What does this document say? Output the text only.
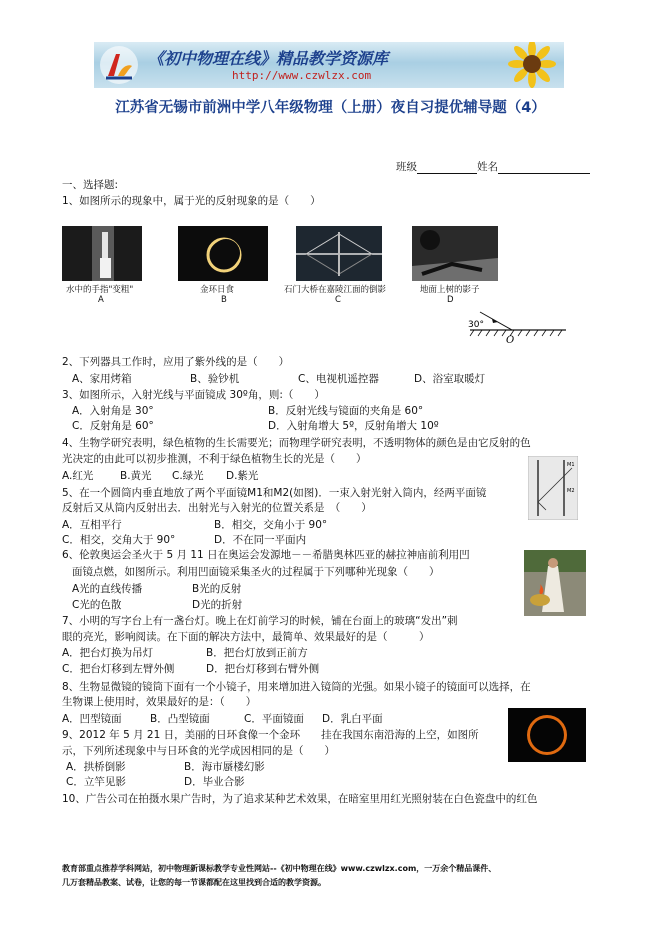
《初中物理在线》精品教学资源库
http://www.czwlzx.com
江苏省无锡市前洲中学八年级物理（上册）夜自习提优辅导题（4）
班级	姓名
一、选择题:
1、如图所示的现象中，属于光的反射现象的是（　　）
水中的手指"变粗"	金环日食	石门大桥在嘉陵江面的倒影	地面上树的影子
A	B	C	D
30°
O
2、下列器具工作时，应用了紫外线的是（　　）
A、家用烤箱	B、验钞机	C、电视机遥控器	D、浴室取暖灯
3、如图所示，入射光线与平面镜成 30º角，则:（　　）
A．入射角是 30°	B．反射光线与镜面的夹角是 60°
C．反射角是 60°	D．入射角增大 5º，反射角增大 10º
4、生物学研究表明，绿色植物的生长需要光；而物理学研究表明，不透明物体的颜色是由它反射的色
光决定的由此可以初步推测，不利于绿色植物生长的光是（　　）
A.红光	B.黄光 C.绿光 D.紫光
M1
M2
5、在一个圆筒内垂直地放了两个平面镜M1和M2(如图)．一束入射光射入筒内，经两平面镜
反射后又从筒内反射出去．出射光与入射光的位置关系是　（　　）
A．互相平行	B．相交，交角小于 90°
C．相交，交角大于 90°	D．不在同一平面内
6、伦敦奥运会圣火于 5 月 11 日在奥运会发源地－－希腊奥林匹亚的赫拉神庙前利用凹
面镜点燃，如图所示。利用凹面镜采集圣火的过程属于下列哪种光现象（　　）
A光的直线传播	B光的反射
C光的色散	D光的折射
7、小明的写字台上有一盏台灯。晚上在灯前学习的时候，铺在台面上的玻璃“发出”刺
眼的亮光，影响阅读。在下面的解决方法中，最简单、效果最好的是（　　　）
A．把台灯换为吊灯	B．把台灯放到正前方
C．把台灯移到左臂外侧	D．把台灯移到右臂外侧
8、生物显微镜的镜筒下面有一个小镜子，用来增加进入镜筒的光强。如果小镜子的镜面可以选择，在
生物课上使用时，效果最好的是：（　　）
A．凹型镜面	B．凸型镜面	C．平面镜面 D．乳白平面
9、2012 年 5 月 21 日，美丽的日环食像一个金环　　挂在我国东南沿海的上空，如图所
示，下列所述现象中与日环食的光学成因相同的是（　　）
A．拱桥倒影	B．海市蜃楼幻影
C．立竿见影	D．毕业合影
10、广告公司在拍摄水果广告时，为了追求某种艺术效果，在暗室里用红光照射装在白色瓷盘中的红色
教育部重点推荐学科网站，初中物理新课标教学专业性网站--《初中物理在线》www.czwlzx.com，一万余个精品课件、
几万套精品教案、试卷，让您的每一节课都配在这里找到合适的教学资源。
